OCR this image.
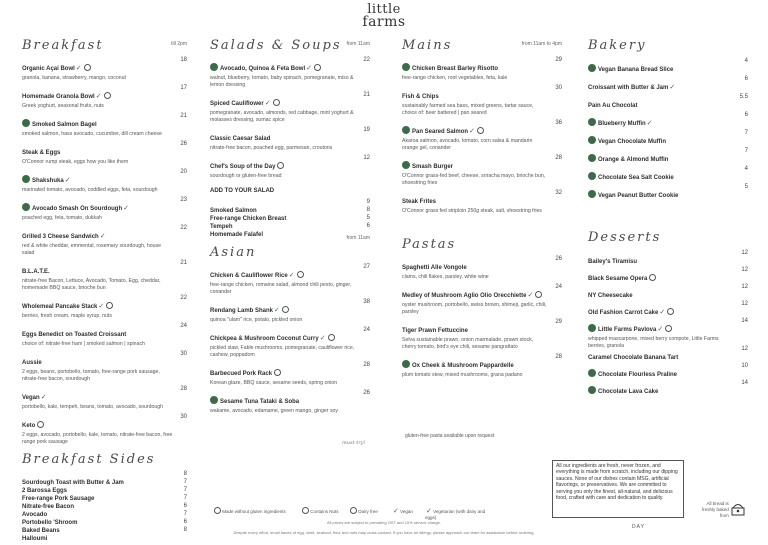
little
farms
Breakfast	till 2pm
Organic Açai Bowl✓
18
granola, banana, strawberry, mango, coconut
Homemade Granola Bowl✓
17
Greek yoghurt, seasonal fruits, nuts
Smoked Salmon Bagel
21
smoked salmon, hass avocado, cucumber, dill cream cheese
Steak & Eggs
26
O'Connor rump steak, eggs how you like them
Shakshuka✓
20
marinated tomato, avocado, coddled eggs, feta, sourdough
Avocado Smash On Sourdough✓
23
poached egg, feta, tomato, dukkah
Grilled 3 Cheese Sandwich✓
22
red & white cheddar, emmental, rosemary sourdough, house salad
B.L.A.T.E.
21
nitrate-free Bacon, Lettuce, Avocado, Tomato, Egg, cheddar, homemade BBQ sauce, brioche bun
Wholemeal Pancake Stack✓
22
berries, fresh cream, maple syrup, nuts
Eggs Benedict on Toasted Croissant
24
choice of: nitrate-free ham | smoked salmon | spinach
Aussie
30
2 eggs, beans, portobello, tomato, free-range pork sausage, nitrate-free bacon, sourdough
Vegan✓
28
portobello, kale, tempeh, beans, tomato, avocado, sourdough
Keto
30
2 eggs, avocado, portobello, kale, tomato, nitrate-free bacon, free range pork sausage
Breakfast Sides
Sourdough Toast with Butter & Jam
8
2 Barossa Eggs
7
Free-range Pork Sausage
7
Nitrate-free Bacon
7
Avocado
6
Portobello 'Shroom
7
Baked Beans
6
Halloumi
8
Salads & Soups from 11am
Avocado, Quinoa & Feta Bowl✓
22
walnut, blueberry, tomato, baby spinach, pomegranate, miso & lemon dressing
Spiced Cauliflower✓
21
pomegranate, avocado, almonds, red cabbage, mint yoghurt & molasses dressing, sumac spice
Classic Caesar Salad
19
nitrate-free bacon, poached egg, parmesan, croutons
Chef's Soup of the Day
12
sourdough or gluten-free bread
ADD TO YOUR SALAD
Smoked Salmon
9
Free-range Chicken Breast
8
Tempeh
5
Homemade Falafel
6
Asian
from 11am
Chicken & Cauliflower Rice✓
27
free-range chicken, romaine salad, almond chili pesto, ginger, coriander
Rendang Lamb Shank✓
38
quinoa "ulam" rice, potato, pickled onion
Chickpea & Mushroom Coconut Curry✓
24
pickled slaw, Fable mushrooms, pomegranate, cauliflower rice, cashew, poppadom
Barbecued Pork Rack
28
Korean glaze, BBQ sauce, sesame seeds, spring onion
Sesame Tuna Tataki & Soba
26
wakame, avocado, edamame, green mango, ginger soy
Mains	from 11am to 4pm
Chicken Breast Barley Risotto
29
free-range chicken, root vegetables, feta, kale
Fish & Chips
30
sustainably farmed sea bass, mixed greens, tartar sauce, choice of: beer battered | pan seared
Pan Seared Salmon✓
36
Akaroa salmon, avocado, tomato, corn salsa & mandarin orange gel, coriander
Smash Burger
28
O'Connor grass-fed beef, cheese, sriracha mayo, brioche bun, shoestring fries
Steak Frites
32
O'Connor grass fed striploin 250g steak, salt, shoestring fries
Pastas
Spaghetti Alle Vongole
26
clams, chili flakes, parsley, white wine
Medley of Mushroom Aglio Olio Orecchiette✓
24
oyster mushroom, portobello, swiss brown, shimeji, garlic, chili, parsley
Tiger Prawn Fettuccine
29
Selva sustainable prawn, onion marmalade, prawn stock, cherry tomato, bird's eye chili, sesame pangrattato
Ox Cheek & Mushroom Pappardelle
28
plum tomato stew, mixed mushrooms, grana padano
Bakery
Vegan Banana Bread Slice
4
Croissant with Butter & Jam✓
6
Pain Au Chocolat
5.5
Blueberry Muffin✓
6
Vegan Chocolate Muffin
7
Orange & Almond Muffin
7
Chocolate Sea Salt Cookie
4
Vegan Peanut Butter Cookie
5
Desserts
Bailey's Tiramisu
12
Black Sesame Opera
12
NY Cheesecake
12
Old Fashion Carrot Cake✓
12
Little Farms Pavlova✓
14
whipped mascarpone, mixed berry compote, Little Farms berries, granola
Caramel Chocolate Banana Tart
12
Chocolate Flourless Praline
10
Chocolate Lava Cake
14
gluten-free pasta available upon request
must-try!
All our ingredients are fresh, never frozen, and everything is made from scratch, including our dipping sauces. None of our dishes contain MSG, artificial flavorings, or preservatives. We are committed to serving you only the finest, all-natural, and delicious food, crafted with care and dedication to quality.
All bread is
freshly baked
from
DAY
Made without gluten ingredients	Contains Nuts	Dairy free ✓ Vegan ✓ Vegetarian (with dairy and eggs)
All prices are subject to prevailing GST and 10% service charge.
Despite every effort, small traces of egg, shell, seafood, flour and nuts may cross-contact. If you have an allergy, please approach our team for assistance before ordering.
